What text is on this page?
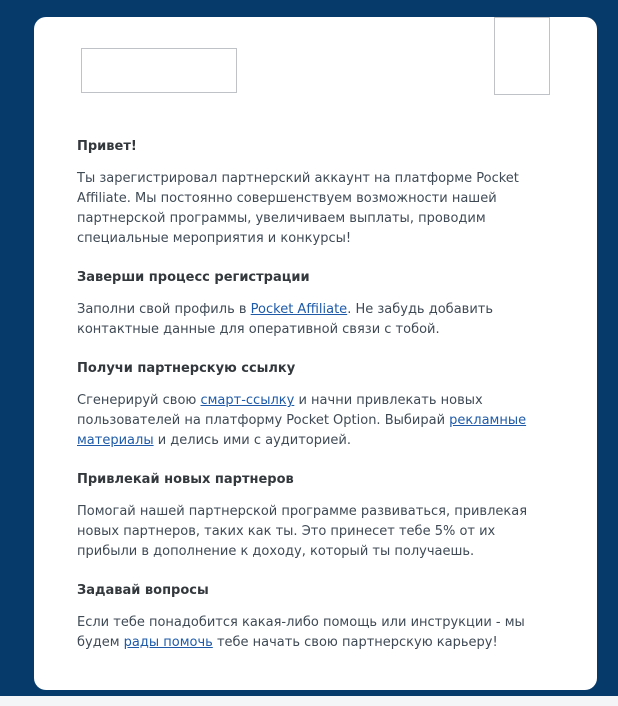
Привет!

Ты зарегистрировал партнерский аккаунт на платформе Pocket Affiliate. Мы постоянно совершенствуем возможности нашей партнерской программы, увеличиваем выплаты, проводим специальные мероприятия и конкурсы!

Заверши процесс регистрации

Заполни свой профиль в Pocket Affiliate. Не забудь добавить контактные данные для оперативной связи с тобой.

Получи партнерскую ссылку

Сгенерируй свою смарт-ссылку и начни привлекать новых пользователей на платформу Pocket Option. Выбирай рекламные материалы и делись ими с аудиторией.

Привлекай новых партнеров

Помогай нашей партнерской программе развиваться, привлекая новых партнеров, таких как ты. Это принесет тебе 5% от их прибыли в дополнение к доходу, который ты получаешь.

Задавай вопросы

Если тебе понадобится какая-либо помощь или инструкции - мы будем рады помочь тебе начать свою партнерскую карьеру!
